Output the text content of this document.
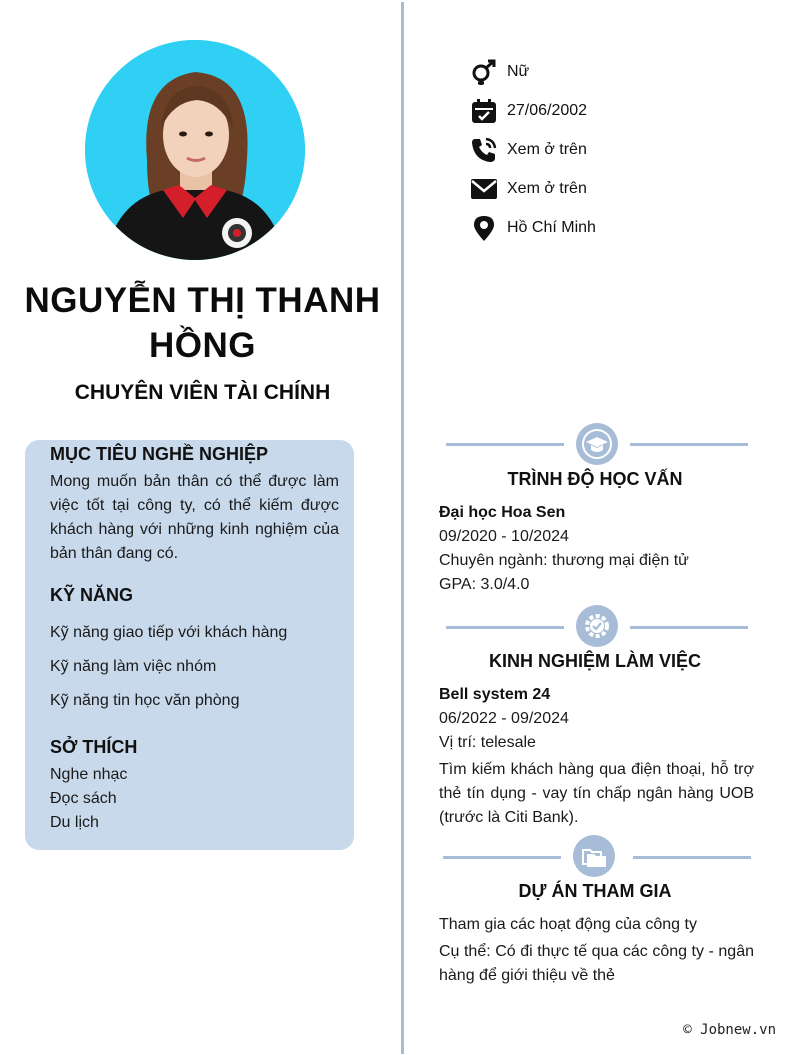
NGUYỄN THỊ THANH HỒNG
CHUYÊN VIÊN TÀI CHÍNH
Nữ
27/06/2002
Xem ở trên
Xem ở trên
Hồ Chí Minh
MỤC TIÊU NGHỀ NGHIỆP
Mong muốn bản thân có thể được làm việc tốt tại công ty, có thể kiếm được khách hàng với những kinh nghiệm của bản thân đang có.
KỸ NĂNG
Kỹ năng giao tiếp với khách hàng
Kỹ năng làm việc nhóm
Kỹ năng tin học văn phòng
SỞ THÍCH
Nghe nhạc
Đọc sách
Du lịch
TRÌNH ĐỘ HỌC VẤN
Đại học Hoa Sen
09/2020 - 10/2024
Chuyên ngành: thương mại điện tử
GPA: 3.0/4.0
KINH NGHIỆM LÀM VIỆC
Bell system 24
06/2022 - 09/2024
Vị trí: telesale
Tìm kiếm khách hàng qua điện thoại, hỗ trợ thẻ tín dụng - vay tín chấp ngân hàng UOB (trước là Citi Bank).
DỰ ÁN THAM GIA
Tham gia các hoạt động của công ty
Cụ thể: Có đi thực tế qua các công ty - ngân hàng để giới thiệu về thẻ
© Jobnew.vn
